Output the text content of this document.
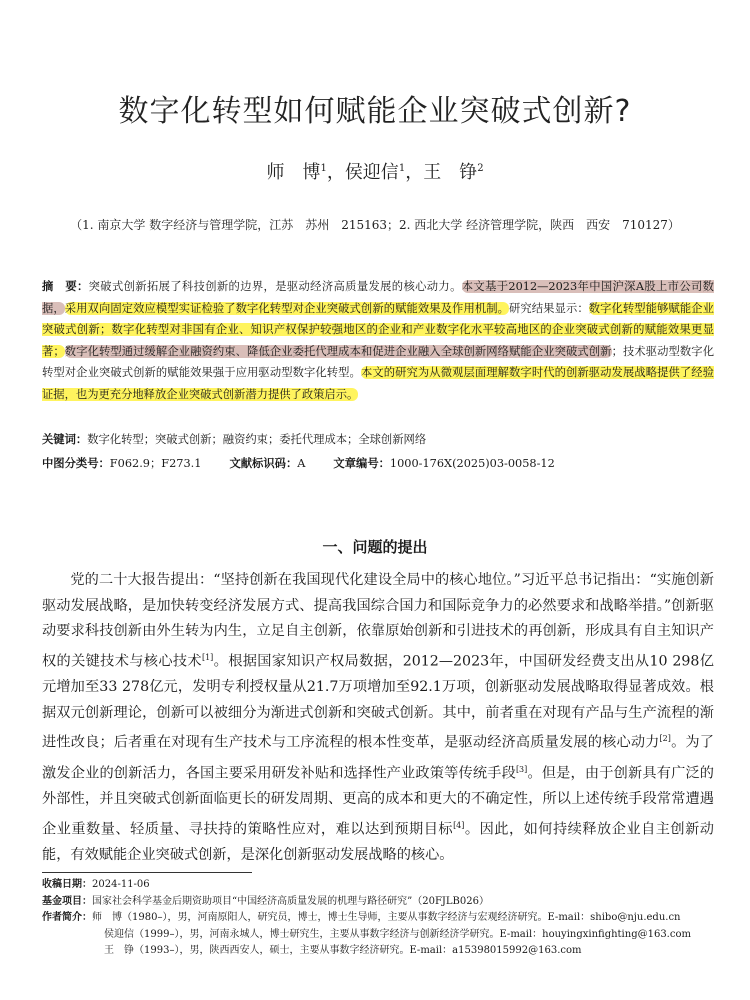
数字化转型如何赋能企业突破式创新?
师　博$^1$，侯迎信$^1$，王　铮$^2$
（1. 南京大学 数字经济与管理学院，江苏　苏州　215163；2. 西北大学 经济管理学院，陕西　西安　710127）
摘　要：突破式创新拓展了科技创新的边界，是驱动经济高质量发展的核心动力。本文基于2012—2023年中国沪深A股上市公司数据，采用双向固定效应模型实证检验了数字化转型对企业突破式创新的赋能效果及作用机制。研究结果显示：数字化转型能够赋能企业突破式创新；数字化转型对非国有企业、知识产权保护较强地区的企业和产业数字化水平较高地区的企业突破式创新的赋能效果更显著；数字化转型通过缓解企业融资约束、降低企业委托代理成本和促进企业融入全球创新网络赋能企业突破式创新；技术驱动型数字化转型对企业突破式创新的赋能效果强于应用驱动型数字化转型。本文的研究为从微观层面理解数字时代的创新驱动发展战略提供了经验证据，也为更充分地释放企业突破式创新潜力提供了政策启示。
关键词：数字化转型；突破式创新；融资约束；委托代理成本；全球创新网络
中图分类号：F062.9；F273.1 文献标识码：A 文章编号：1000-176X(2025)03-0058-12
一、问题的提出
党的二十大报告提出：“坚持创新在我国现代化建设全局中的核心地位。”习近平总书记指出：“实施创新驱动发展战略，是加快转变经济发展方式、提高我国综合国力和国际竞争力的必然要求和战略举措。”创新驱动要求科技创新由外生转为内生，立足自主创新，依靠原始创新和引进技术的再创新，形成具有自主知识产权的关键技术与核心技术[1]。根据国家知识产权局数据，2012—2023年，中国研发经费支出从10 298亿元增加至33 278亿元，发明专利授权量从21.7万项增加至92.1万项，创新驱动发展战略取得显著成效。根据双元创新理论，创新可以被细分为渐进式创新和突破式创新。其中，前者重在对现有产品与生产流程的渐进性改良；后者重在对现有生产技术与工序流程的根本性变革，是驱动经济高质量发展的核心动力[2]。为了激发企业的创新活力，各国主要采用研发补贴和选择性产业政策等传统手段[3]。但是，由于创新具有广泛的外部性，并且突破式创新面临更长的研发周期、更高的成本和更大的不确定性，所以上述传统手段常常遭遇企业重数量、轻质量、寻扶持的策略性应对，难以达到预期目标[4]。因此，如何持续释放企业自主创新动能，有效赋能企业突破式创新，是深化创新驱动发展战略的核心。
收稿日期：2024-11-06
基金项目：国家社会科学基金后期资助项目“中国经济高质量发展的机理与路径研究”（20FJLB026）
作者简介：师　博（1980–），男，河南原阳人，研究员，博士，博士生导师，主要从事数字经济与宏观经济研究。E-mail：shibo@nju.edu.cn
侯迎信（1999–），男，河南永城人，博士研究生，主要从事数字经济与创新经济学研究。E-mail：houyingxinfighting@163.com
王　铮（1993–），男，陕西西安人，硕士，主要从事数字经济研究。E-mail：a15398015992@163.com
